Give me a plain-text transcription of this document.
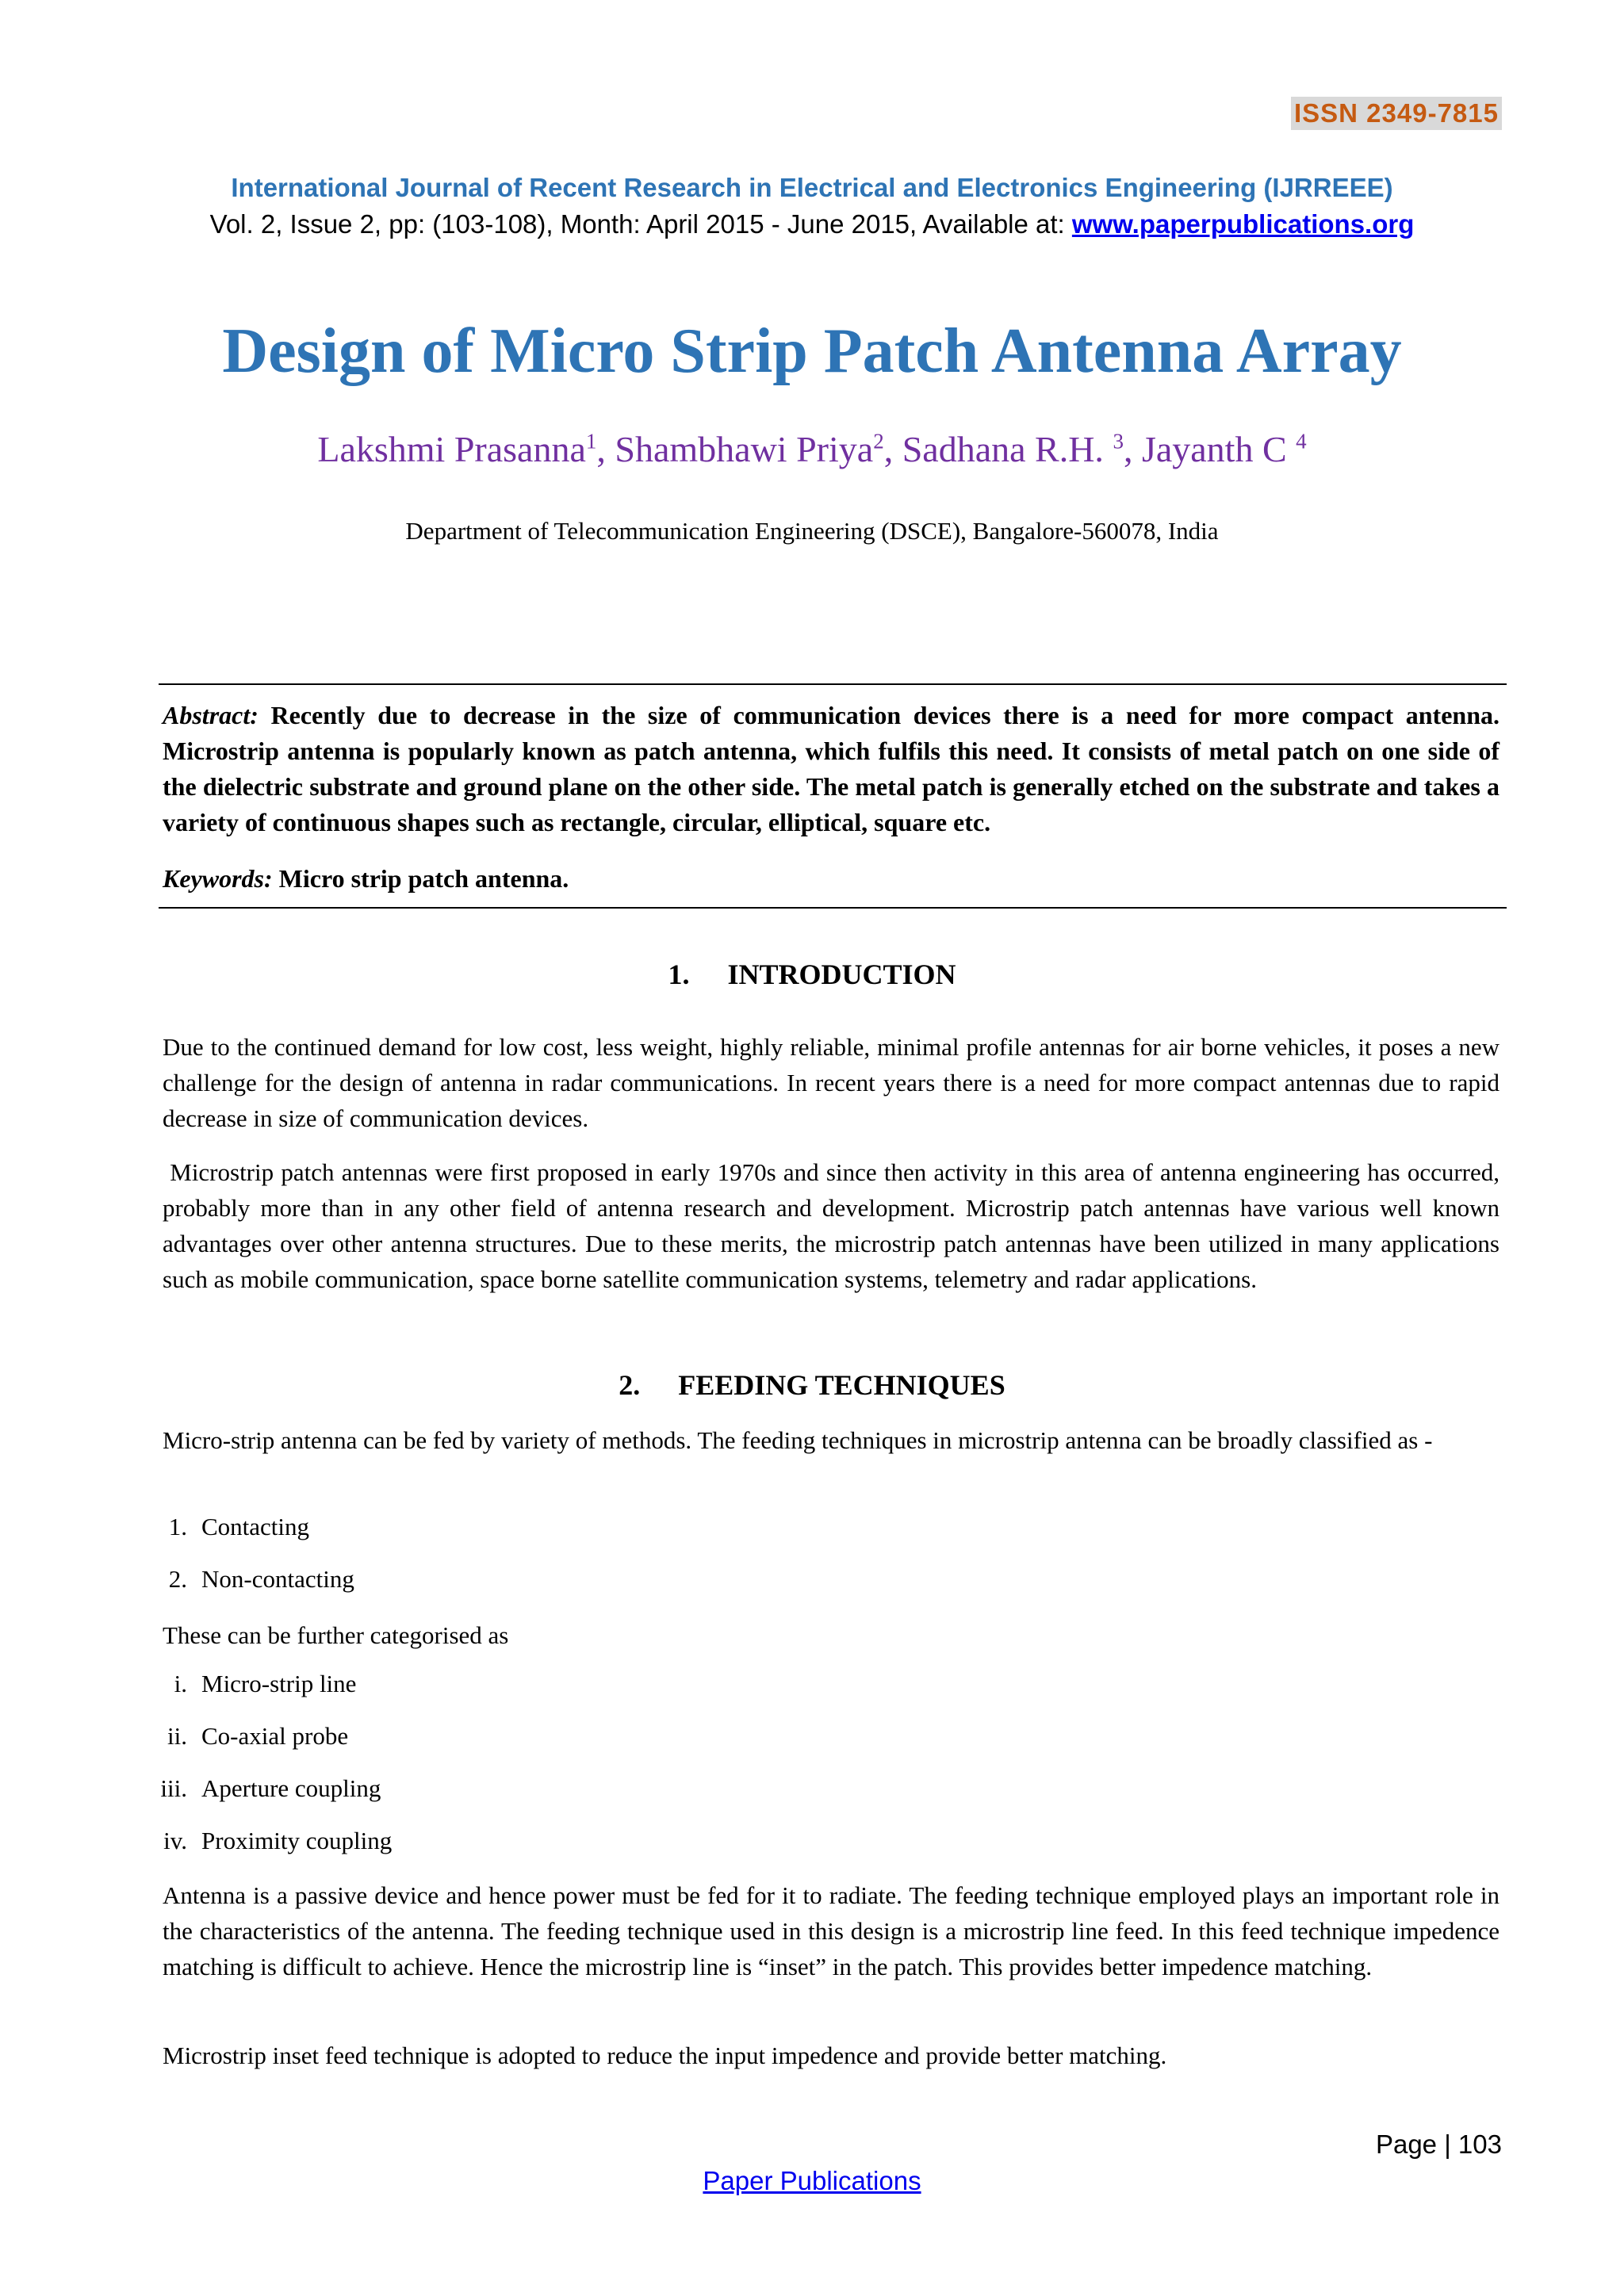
ISSN 2349-7815
International Journal of Recent Research in Electrical and Electronics Engineering (IJRREEE)
Vol. 2, Issue 2, pp: (103-108), Month: April 2015 - June 2015, Available at: www.paperpublications.org
Design of Micro Strip Patch Antenna Array
Lakshmi Prasanna$^1$, Shambhawi Priya$^2$, Sadhana R.H. $^3$, Jayanth C $^4$
Department of Telecommunication Engineering (DSCE), Bangalore-560078, India
Abstract: Recently due to decrease in the size of communication devices there is a need for more compact antenna. Microstrip antenna is popularly known as patch antenna, which fulfils this need. It consists of metal patch on one side of the dielectric substrate and ground plane on the other side. The metal patch is generally etched on the substrate and takes a variety of continuous shapes such as rectangle, circular, elliptical, square etc.
Keywords: Micro strip patch antenna.
1. INTRODUCTION
Due to the continued demand for low cost, less weight, highly reliable, minimal profile antennas for air borne vehicles, it poses a new challenge for the design of antenna in radar communications. In recent years there is a need for more compact antennas due to rapid decrease in size of communication devices.
Microstrip patch antennas were first proposed in early 1970s and since then activity in this area of antenna engineering has occurred, probably more than in any other field of antenna research and development. Microstrip patch antennas have various well known advantages over other antenna structures. Due to these merits, the microstrip patch antennas have been utilized in many applications such as mobile communication, space borne satellite communication systems, telemetry and radar applications.
2. FEEDING TECHNIQUES
Micro-strip antenna can be fed by variety of methods. The feeding techniques in microstrip antenna can be broadly classified as -
1. Contacting
2. Non-contacting
These can be further categorised as
i. Micro-strip line
ii. Co-axial probe
iii. Aperture coupling
iv. Proximity coupling
Antenna is a passive device and hence power must be fed for it to radiate. The feeding technique employed plays an important role in the characteristics of the antenna. The feeding technique used in this design is a microstrip line feed. In this feed technique impedence matching is difficult to achieve. Hence the microstrip line is “inset” in the patch. This provides better impedence matching.
Microstrip inset feed technique is adopted to reduce the input impedence and provide better matching.
Page | 103
Paper Publications
